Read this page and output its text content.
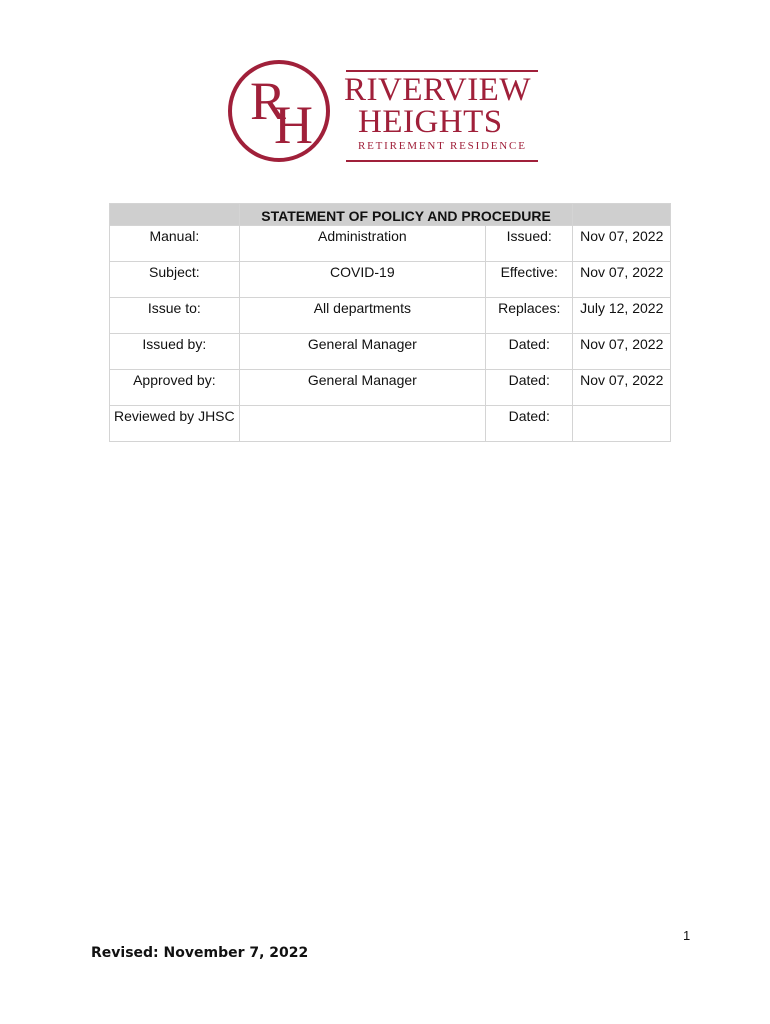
R
H
RIVERVIEW
HEIGHTS
RETIREMENT RESIDENCE
	STATEMENT OF POLICY AND PROCEDURE		
Manual:	Administration	Issued:	Nov 07, 2022
Subject:	COVID-19	Effective:	Nov 07, 2022
Issue to:	All departments	Replaces:	July 12, 2022
Issued by:	General Manager	Dated:	Nov 07, 2022
Approved by:	General Manager	Dated:	Nov 07, 2022
Reviewed by JHSC		Dated:	
1
Revised: November 7, 2022
